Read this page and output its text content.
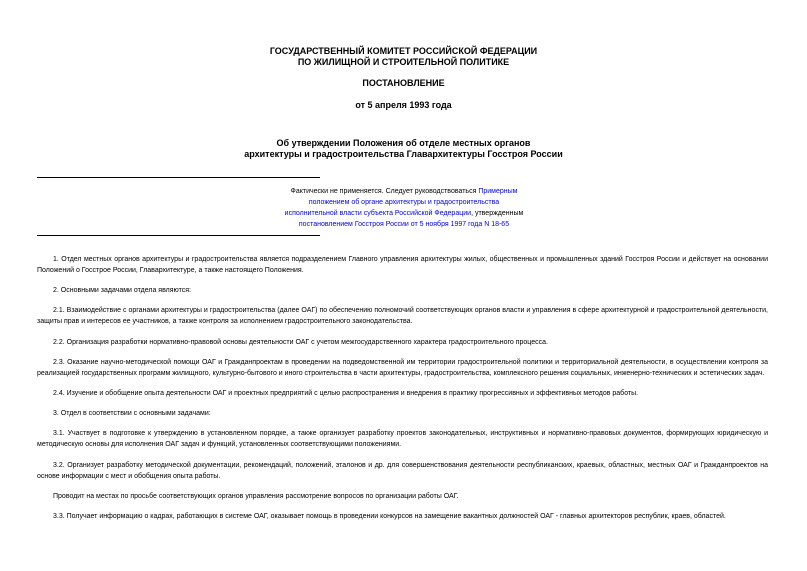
ГОСУДАРСТВЕННЫЙ КОМИТЕТ РОССИЙСКОЙ ФЕДЕРАЦИИ
ПО ЖИЛИЩНОЙ И СТРОИТЕЛЬНОЙ ПОЛИТИКЕ
ПОСТАНОВЛЕНИЕ
от 5 апреля 1993 года
Об утверждении Положения об отделе местных органов
архитектуры и градостроительства Главархитектуры Госстроя России
Фактически не применяется. Следует руководствоваться Примерным
положением об органе архитектуры и градостроительства
исполнительной власти субъекта Российской Федерации, утвержденным
постановлением Госстроя России от 5 ноября 1997 года N 18-65

1. Отдел местных органов архитектуры и градостроительства является подразделением Главного управления архитектуры жилых, общественных и промышленных зданий Госстроя России и действует на основании Положений о Госстрое России, Главархитектуре, а также настоящего Положения.

2. Основными задачами отдела являются:

2.1. Взаимодействие с органами архитектуры и градостроительства (далее ОАГ) по обеспечению полномочий соответствующих органов власти и управления в сфере архитектурной и градостроительной деятельности, защиты прав и интересов ее участников, а также контроля за исполнением градостроительного законодательства.

2.2. Организация разработки нормативно-правовой основы деятельности ОАГ с учетом межгосударственного характера градостроительного процесса.

2.3. Оказание научно-методической помощи ОАГ и Гражданпроектам в проведении на подведомственной им территории градостроительной политики и территориальной деятельности, в осуществлении контроля за реализацией государственных программ жилищного, культурно-бытового и иного строительства в части архитектуры, градостроительства, комплексного решения социальных, инженерно-технических и эстетических задач.

2.4. Изучение и обобщение опыта деятельности ОАГ и проектных предприятий с целью распространения и внедрения в практику прогрессивных и эффективных методов работы.

3. Отдел в соответствии с основными задачами:

3.1. Участвует в подготовке к утверждению в установленном порядке, а также организует разработку проектов законодательных, инструктивных и нормативно-правовых документов, формирующих юридическую и методическую основы для исполнения ОАГ задач и функций, установленных соответствующими положениями.

3.2. Организует разработку методической документации, рекомендаций, положений, эталонов и др. для совершенствования деятельности республиканских, краевых, областных, местных ОАГ и Гражданпроектов на основе информации с мест и обобщения опыта работы.

Проводит на местах по просьбе соответствующих органов управления рассмотрение вопросов по организации работы ОАГ.

3.3. Получает информацию о кадрах, работающих в системе ОАГ, оказывает помощь в проведении конкурсов на замещение вакантных должностей ОАГ - главных архитекторов республик, краев, областей.
